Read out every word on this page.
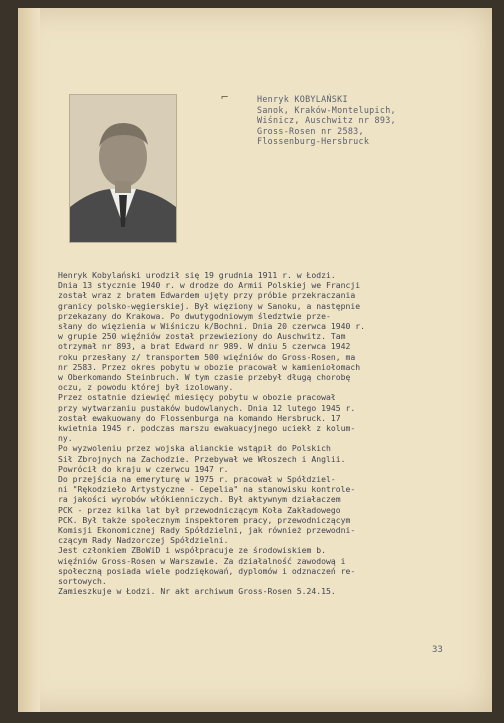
⌐	Henryk KOBYLAŃSKI
Sanok, Kraków-Montelupich,
Wiśnicz, Auschwitz nr 893,
Gross-Rosen nr 2583,
Flossenburg-Hersbruck
Henryk Kobylański urodził się 19 grudnia 1911 r. w Łodzi.
Dnia 13 stycznie 1940 r. w drodze do Armii Polskiej we Francji
został wraz z bratem Edwardem ujęty przy próbie przekraczania
granicy polsko-węgierskiej. Był więziony w Sanoku, a następnie
przekazany do Krakowa. Po dwutygodniowym śledztwie prze-
słany do więzienia w Wiśniczu k/Bochni. Dnia 20 czerwca 1940 r.
w grupie 250 więźniów został przewieziony do Auschwitz. Tam
otrzymał nr 893, a brat Edward nr 989. W dniu 5 czerwca 1942
roku przesłany z/ transportem 500 więźniów do Gross-Rosen, ma
nr 2583. Przez okres pobytu w obozie pracował w kamieniołomach
w Oberkomando Steinbruch. W tym czasie przebył długą chorobę
oczu, z powodu której był izolowany.
Przez ostatnie dziewięć miesięcy pobytu w obozie pracował
przy wytwarzaniu pustaków budowlanych. Dnia 12 lutego 1945 r.
został ewakuowany do Flossenburga na komando Hersbruck. 17
kwietnia 1945 r. podczas marszu ewakuacyjnego uciekł z kolum-
ny.
Po wyzwoleniu przez wojska alianckie wstąpił do Polskich
Sił Zbrojnych na Zachodzie. Przebywał we Włoszech i Anglii.
Powrócił do kraju w czerwcu 1947 r.
Do przejścia na emeryturę w 1975 r. pracował w Spółdziel-
ni "Rękodzieło Artystyczne - Cepelia" na stanowisku kontrole-
ra jakości wyrobów włókienniczych. Był aktywnym działaczem
PCK - przez kilka lat był przewodniczącym Koła Zakładowego
PCK. Był także społecznym inspektorem pracy, przewodniczącym
Komisji Ekonomicznej Rady Spółdzielni, jak również przewodni-
czącym Rady Nadzorczej Spółdzielni.
Jest członkiem ZBoWiD i współpracuje ze środowiskiem b.
więźniów Gross-Rosen w Warszawie. Za działalność zawodową i
społeczną posiada wiele podziękowań, dyplomów i odznaczeń re-
sortowych.
Zamieszkuje w Łodzi. Nr akt archiwum Gross-Rosen 5.24.15.
33
